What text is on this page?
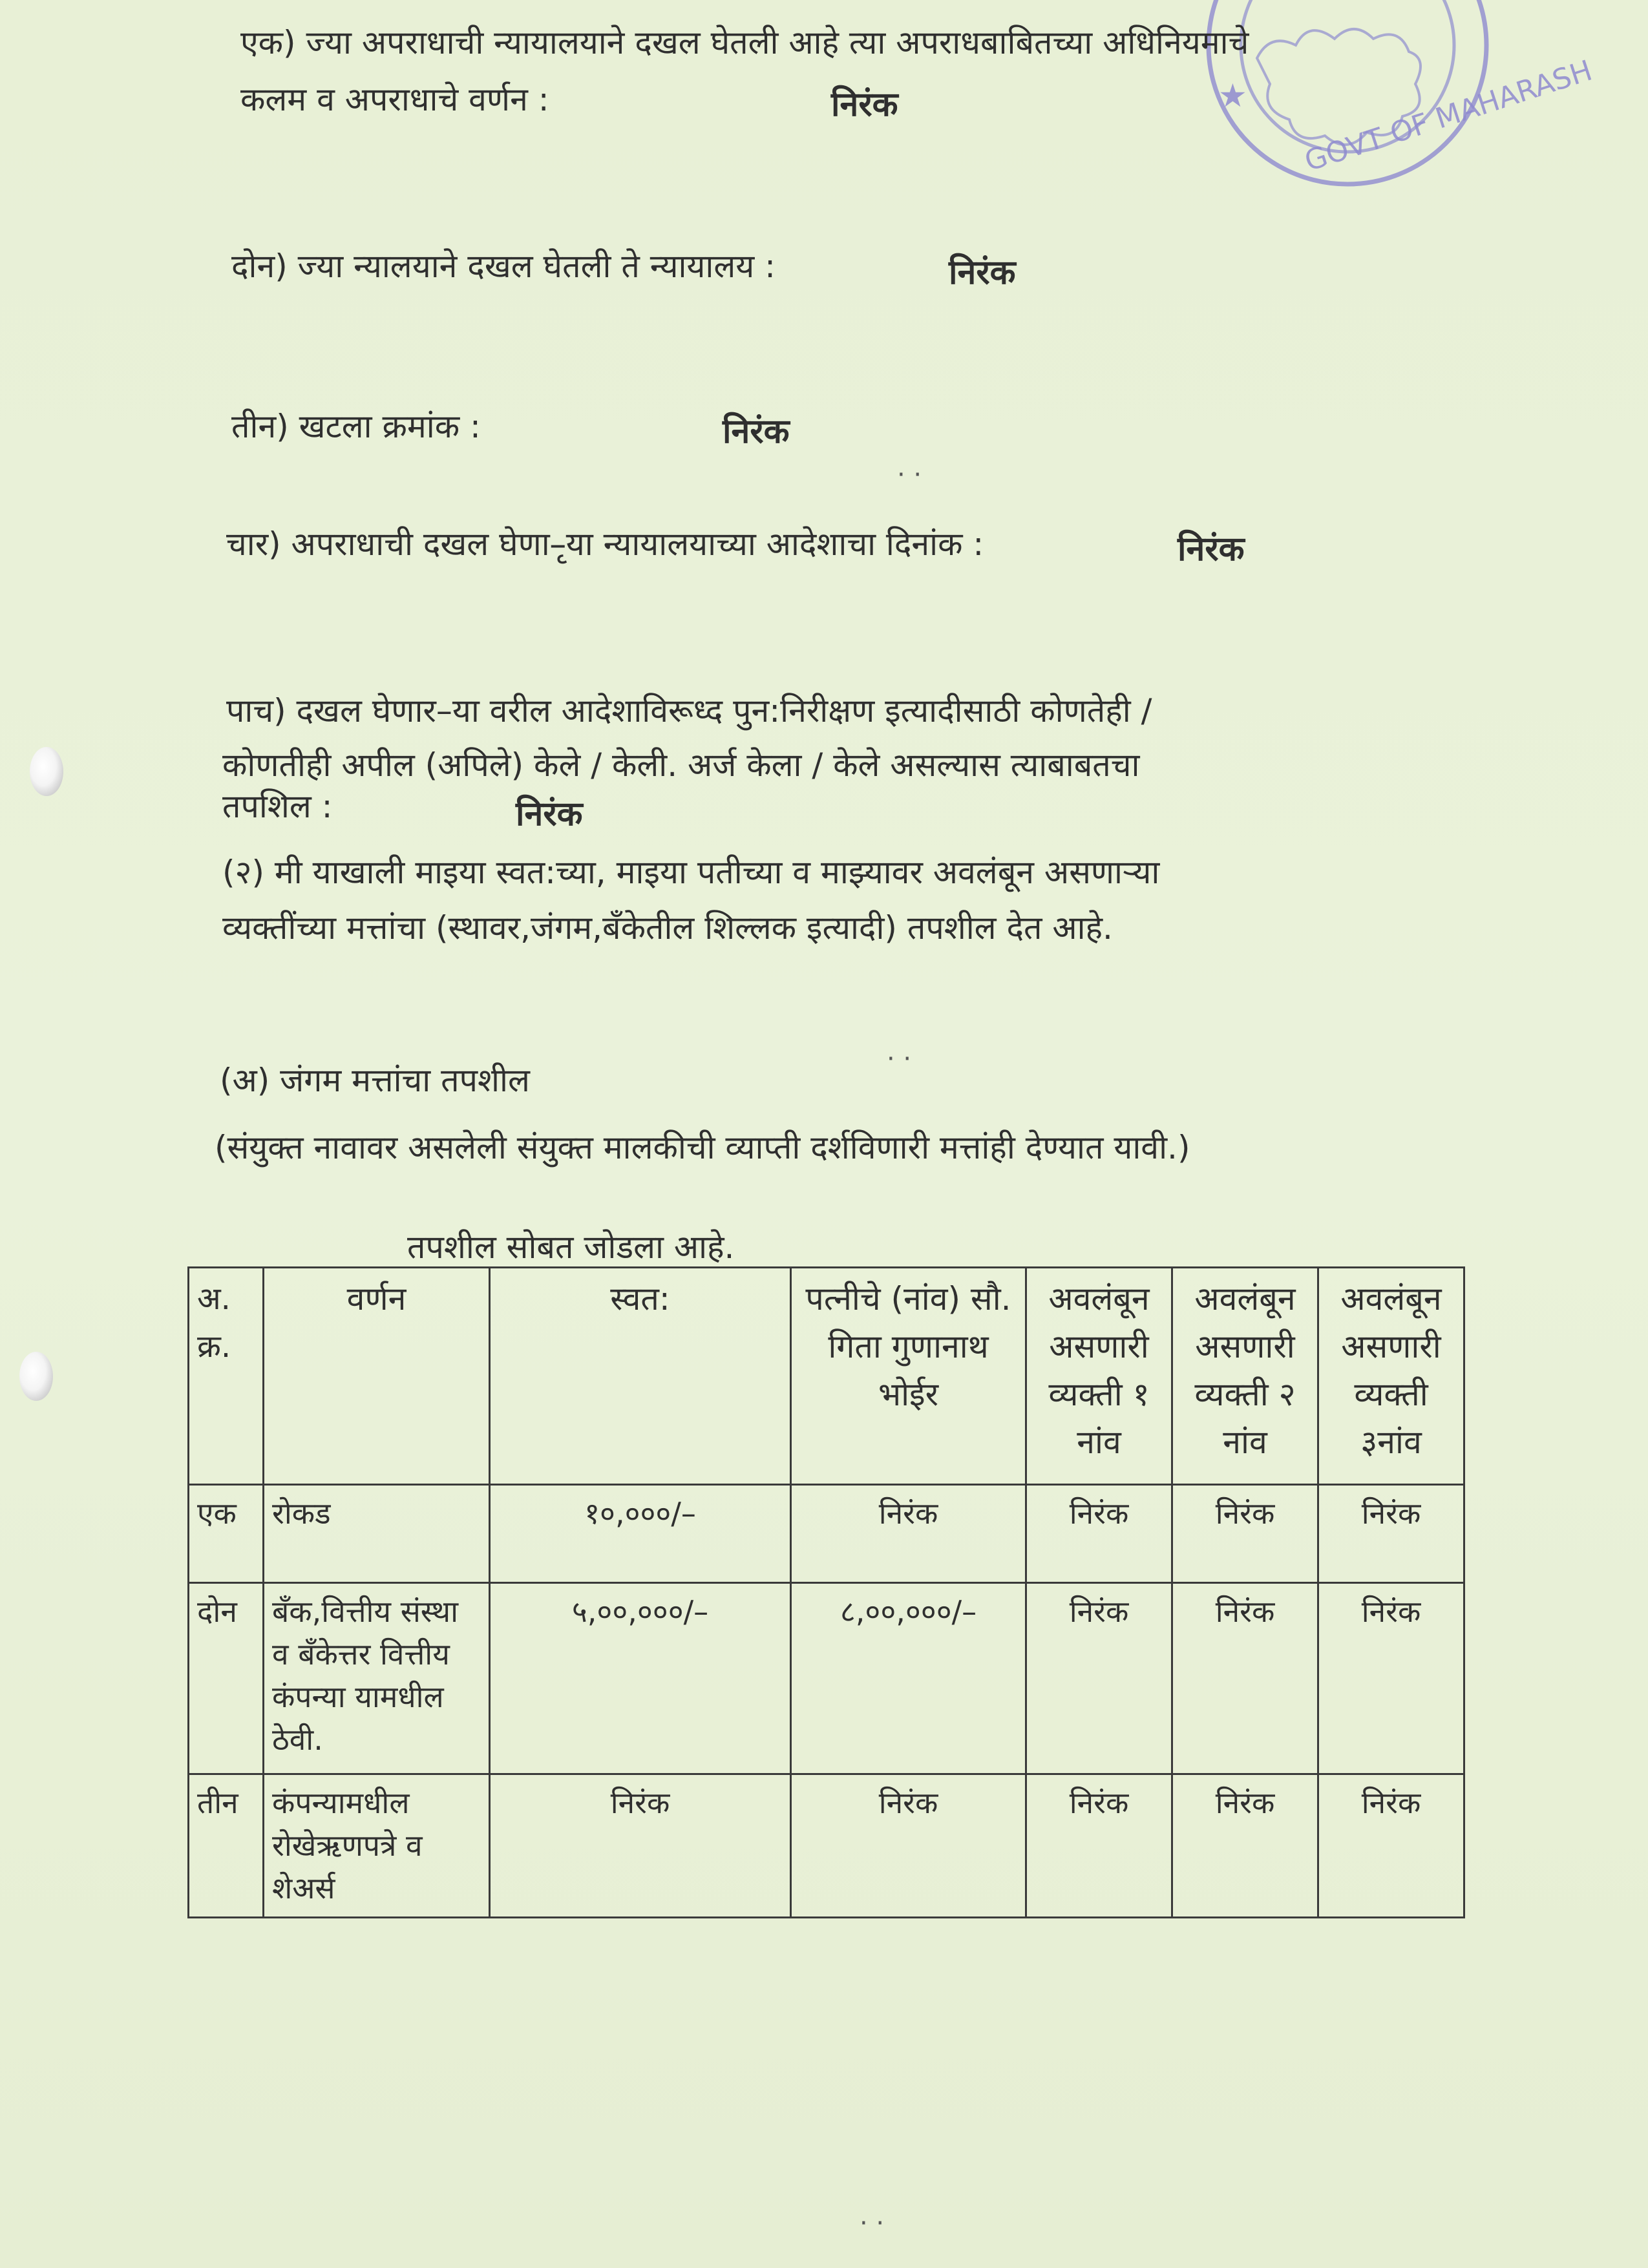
GOVT OF MAHARASH
★
एक) ज्या अपराधाची न्यायालयाने दखल घेतली आहे त्या अपराधबाबितच्या अधिनियमाचे
कलम व अपराधाचे वर्णन :	निरंक
दोन) ज्या न्यालयाने दखल घेतली ते न्यायालय :	निरंक
तीन) खटला क्रमांक :	निरंक
· ·
चार) अपराधाची दखल घेणा–ृया न्यायालयाच्या आदेशाचा दिनांक :	निरंक
पाच) दखल घेणार–या वरील आदेशाविरूध्द पुन:निरीक्षण इत्यादीसाठी कोणतेही /
कोणतीही अपील (अपिले) केले / केली. अर्ज केला / केले असल्यास त्याबाबतचा
तपशिल :	निरंक
(२) मी याखाली माइया स्वत:च्या, माइया पतीच्या व माझ्यावर अवलंबून असणाऱ्या
व्यक्तींच्या मत्तांचा (स्थावर,जंगम,बँकेतील शिल्लक इत्यादी) तपशील देत आहे.
· ·
(अ) जंगम मत्तांचा तपशील
(संयुक्त नावावर असलेली संयुक्त मालकीची व्याप्ती दर्शविणारी मत्तांही देण्यात यावी.)
तपशील सोबत जोडला आहे.
अ. क्र.	वर्णन	स्वत:	पत्नीचे (नांव) सौ. गिता गुणानाथ भोईर	अवलंबून असणारी व्यक्ती १ नांव	अवलंबून असणारी व्यक्ती २ नांव	अवलंबून असणारी व्यक्ती ३नांव
एक	रोकड	१०,०००/–	निरंक	निरंक	निरंक	निरंक
दोन	बँक,वित्तीय संस्था व बँकेत्तर वित्तीय कंपन्या यामधील ठेवी.	५,००,०००/–	८,००,०००/–	निरंक	निरंक	निरंक
तीन	कंपन्यामधील रोखेऋणपत्रे व शेअर्स	निरंक	निरंक	निरंक	निरंक	निरंक
· ·
